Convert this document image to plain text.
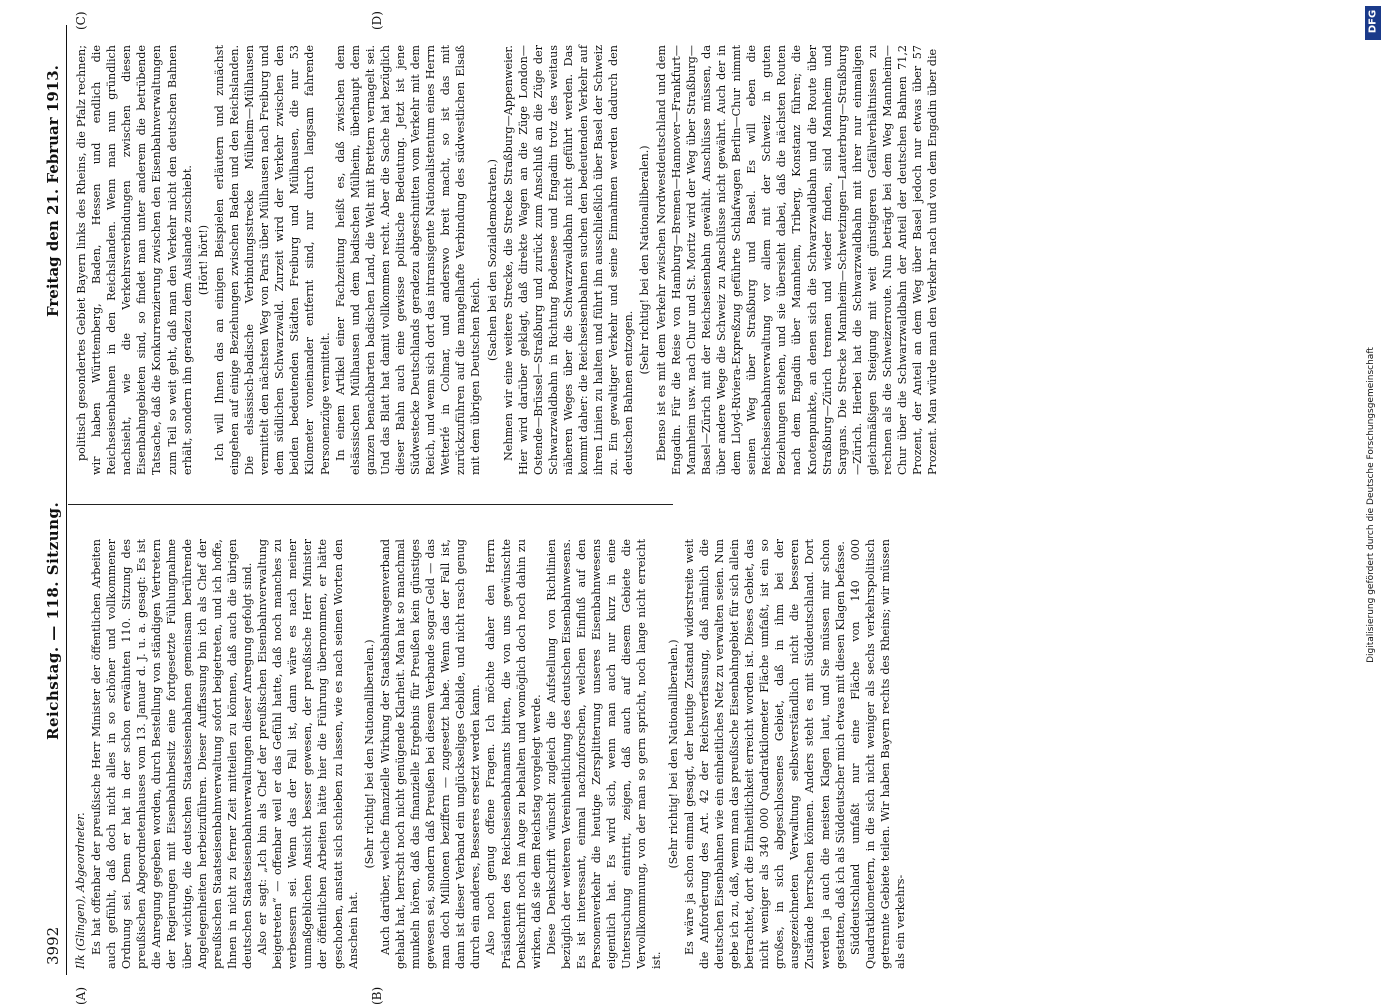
3992
Reichstag. — 118. Sitzung.
Freitag den 21. Februar 1913.
(A)	(B)
(C)	(D)
Ilk (Glingen), Abgeordneter. Es hat offenbar der preußische Herr Minister der öffentlichen Arbeiten auch gefühlt, daß doch nicht alles in so schöner und vollkommener Ordnung sei. Denn er hat in der schon erwähnten 110. Sitzung des preußischen Abgeordnetenhauses vom 13. Januar d. J. u. a. gesagt: Es ist die Anregung gegeben worden, durch Bestellung von ständigen Vertretern der Regierungen mit Eisenbahnbesitz eine fortgesetzte Fühlungnahme über wichtige, die deutschen Staatseisenbahnen gemeinsam berührende Angelegenheiten herbeizuführen. Dieser Auffassung bin ich als Chef der preußischen Staatseisenbahnverwaltung sofort beigetreten, und ich hoffe, Ihnen in nicht zu ferner Zeit mitteilen zu können, daß auch die übrigen deutschen Staatseisenbahnverwaltungen dieser Anregung gefolgt sind. Also er sagt: „Ich bin als Chef der preußischen Eisenbahnverwaltung beigetreten“ — offenbar weil er das Gefühl hatte, daß noch manches zu verbessern sei. Wenn das der Fall ist, dann wäre es nach meiner unmaßgeblichen Ansicht besser gewesen, der preußische Herr Minister der öffentlichen Arbeiten hätte hier die Führung übernommen, er hätte geschoben, anstatt sich schieben zu lassen, wie es nach seinen Worten den Anschein hat.

(Sehr richtig! bei den Nationalliberalen.) Auch darüber, welche finanzielle Wirkung der Staatsbahnwagenverband gehabt hat, herrscht noch nicht genügende Klarheit. Man hat so manchmal munkeln hören, daß das finanzielle Ergebnis für Preußen kein günstiges gewesen sei, sondern daß Preußen bei diesem Verbande sogar Geld — das man doch Millionen beziffern — zugesetzt habe. Wenn das der Fall ist, dann ist dieser Verband ein unglückseliges Gebilde, und nicht rasch genug durch ein anderes, Besseres ersetzt werden kann. Also noch genug offene Fragen. Ich möchte daher den Herrn Präsidenten des Reichseisenbahnamts bitten, die von uns gewünschte Denkschrift noch im Auge zu behalten und womöglich doch noch dahin zu wirken, daß sie dem Reichstag vorgelegt werde. Diese Denkschrift wünscht zugleich die Aufstellung von Richtlinien bezüglich der weiteren Vereinheitlichung des deutschen Eisenbahnwesens. Es ist interessant, einmal nachzuforschen, welchen Einfluß auf den Personenverkehr die heutige Zersplitterung unseres Eisenbahnwesens eigentlich hat. Es wird sich, wenn man auch nur kurz in eine Untersuchung eintritt, zeigen, daß auch auf diesem Gebiete die Vervollkommnung, von der man so gern spricht, noch lange nicht erreicht ist.

(Sehr richtig! bei den Nationalliberalen.) Es wäre ja schon einmal gesagt, der heutige Zustand widerstreite weit die Anforderung des Art. 42 der Reichsverfassung, daß nämlich die deutschen Eisenbahnen wie ein einheitliches Netz zu verwalten seien. Nun gebe ich zu, daß, wenn man das preußische Eisenbahngebiet für sich allein betrachtet, dort die Einheitlichkeit erreicht worden ist. Dieses Gebiet, das nicht weniger als 340 000 Quadratkilometer Fläche umfaßt, ist ein so großes, in sich abgeschlossenes Gebiet, daß in ihm bei der ausgezeichneten Verwaltung selbstverständlich nicht die besseren Zustände herrschen können. Anders steht es mit Süddeutschland. Dort werden ja auch die meisten Klagen laut, und Sie müssen mir schon gestatten, daß ich als Süddeutscher mich etwas mit diesen Klagen befasse. Süddeutschland umfaßt nur eine Fläche von 140 000 Quadratkilometern, in die sich nicht weniger als sechs verkehrspolitisch getrennte Gebiete teilen. Wir haben Bayern rechts des Rheins; wir müssen als ein verkehrs-

politisch gesondertes Gebiet Bayern links des Rheins, die Pfalz rechnen; wir haben Württemberg, Baden, Hessen und endlich die Reichseisenbahnen in den Reichslanden. Wenn man nun gründlich nachsieht, wie die Verkehrsverbindungen zwischen diesen Eisenbahngebieten sind, so findet man unter anderem die betrübende Tatsache, daß die Konkurrenzierung zwischen den Eisenbahnverwaltungen zum Teil so weit geht, daß man den Verkehr nicht den deutschen Bahnen erhält, sondern ihn geradezu dem Auslande zuschiebt. (Hört! hört!) Ich will Ihnen das an einigen Beispielen erläutern und zunächst eingehen auf einige Beziehungen zwischen Baden und den Reichslanden. Die elsässisch-badische Verbindungsstrecke Mülheim—Mülhausen vermittelt den nächsten Weg von Paris über Mülhausen nach Freiburg und dem südlichen Schwarzwald. Zurzeit wird der Verkehr zwischen den beiden bedeutenden Städten Freiburg und Mülhausen, die nur 53 Kilometer voneinander entfernt sind, nur durch langsam fahrende Personenzüge vermittelt. In einem Artikel einer Fachzeitung heißt es, daß zwischen dem elsässischen Mülhausen und dem badischen Mülheim, überhaupt dem ganzen benachbarten badischen Land, die Welt mit Brettern vernagelt sei. Und das Blatt hat damit vollkommen recht. Aber die Sache hat bezüglich dieser Bahn auch eine gewisse politische Bedeutung. Jetzt ist jene Südwestecke Deutschlands geradezu abgeschnitten vom Verkehr mit dem Reich, und wenn sich dort das intransigente Nationalistentum eines Herrn Wetterlé in Colmar, und anderswo breit macht, so ist das mit zurückzuführen auf die mangelhafte Verbindung des südwestlichen Elsaß mit dem übrigen Deutschen Reich.

(Sachen bei den Sozialdemokraten.) Nehmen wir eine weitere Strecke, die Strecke Straßburg—Appenweier. Hier wird darüber geklagt, daß direkte Wagen an die Züge London—Ostende—Brüssel—Straßburg und zurück zum Anschluß an die Züge der Schwarzwaldbahn in Richtung Bodensee und Engadin trotz des weitaus näheren Weges über die Schwarzwaldbahn nicht geführt werden. Das kommt daher: die Reichseisenbahnen suchen den bedeutenden Verkehr auf ihren Linien zu halten und führt ihn ausschließlich über Basel der Schweiz zu. Ein gewaltiger Verkehr und seine Einnahmen werden dadurch den deutschen Bahnen entzogen.

(Sehr richtig! bei den Nationalliberalen.) Ebenso ist es mit dem Verkehr zwischen Nordwestdeutschland und dem Engadin. Für die Reise von Hamburg—Bremen—Hannover—Frankfurt—Mannheim usw. nach Chur und St. Moritz wird der Weg über Straßburg—Basel—Zürich mit der Reichseisenbahn gewählt. Anschlüsse müssen, da über andere Wege die Schweiz zu Anschlüsse nicht gewährt. Auch der in dem Lloyd-Riviera-Expreßzug geführte Schlafwagen Berlin—Chur nimmt seinen Weg über Straßburg und Basel. Es will eben die Reichseisenbahnverwaltung vor allem mit der Schweiz in guten Beziehungen stehen, und sie übersieht dabei, daß die nächsten Routen nach dem Engadin über Mannheim, Triberg, Konstanz führen; die Knotenpunkte, an denen sich die Schwarzwaldbahn und die Route über Straßburg—Zürich trennen und wieder finden, sind Mannheim und Sargans. Die Strecke Mannheim—Schwetzingen—Lauterburg—Straßburg—Zürich. Hierbei hat die Schwarzwaldbahn mit ihrer nur einmaligen gleichmäßigen Steigung mit weit günstigeren Gefällverhältnissen zu rechnen als die Schweizerroute. Nun beträgt bei dem Weg Mannheim—Chur über die Schwarzwaldbahn der Anteil der deutschen Bahnen 71,2 Prozent, der Anteil an dem Weg über Basel jedoch nur etwas über 57 Prozent. Man würde man den Verkehr nach und von dem Engadin über die

Digitalisierung gefördert durch die Deutsche Forschungsgemeinschaft
DFG
